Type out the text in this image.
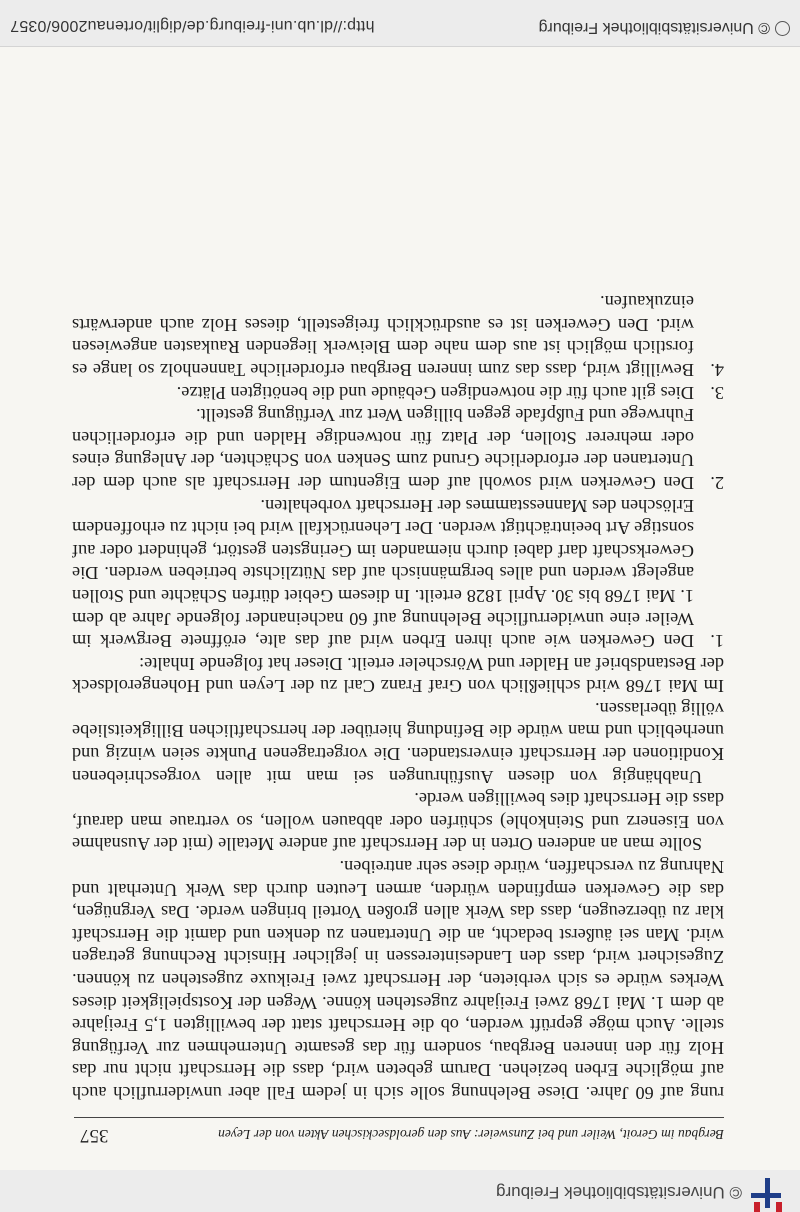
© Universitätsbibliothek Freiburg
Bergbau im Geroit, Weiler und bei Zunsweier: Aus den geroldseckischen Akten von der Leyen
357

rung auf 60 Jahre. Diese Belehnung solle sich in jedem Fall aber unwiderruflich auch auf mögliche Erben beziehen. Darum gebeten wird, dass die Herrschaft nicht nur das Holz für den inneren Bergbau, sondern für das gesamte Unternehmen zur Verfügung stelle. Auch möge geprüft werden, ob die Herrschaft statt der bewilligten 1,5 Freijahre ab dem 1. Mai 1768 zwei Freijahre zugestehen könne. Wegen der Kostspieligkeit dieses Werkes würde es sich verbieten, der Herrschaft zwei Freikuxe zugestehen zu können. Zugesichert wird, dass den Landesinteressen in jeglicher Hinsicht Rechnung getragen wird. Man sei äußerst bedacht, an die Untertanen zu denken und damit die Herrschaft klar zu überzeugen, dass das Werk allen großen Vorteil bringen werde. Das Vergnügen, das die Gewerken empfinden würden, armen Leuten durch das Werk Unterhalt und Nahrung zu verschaffen, würde diese sehr antreiben.

Sollte man an anderen Orten in der Herrschaft auf andere Metalle (mit der Ausnahme von Eisenerz und Steinkohle) schürfen oder abbauen wollen, so vertraue man darauf, dass die Herrschaft dies bewilligen werde.

Unabhängig von diesen Ausführungen sei man mit allen vorgeschriebenen Konditionen der Herrschaft einverstanden. Die vorgetragenen Punkte seien winzig und unerheblich und man würde die Befindung hierüber der herrschaftlichen Billigkeitsliebe völlig überlassen.

Im Mai 1768 wird schließlich von Graf Franz Carl zu der Leyen und Hohengeroldseck der Bestandsbrief an Halder und Wörscheler erteilt. Dieser hat folgende Inhalte:

1.
Den Gewerken wie auch ihren Erben wird auf das alte, eröffnete Bergwerk im Weiler eine unwiderrufliche Belehnung auf 60 nacheinander folgende Jahre ab dem 1. Mai 1768 bis 30. April 1828 erteilt. In diesem Gebiet dürfen Schächte und Stollen angelegt werden und alles bergmännisch auf das Nützlichste betrieben werden. Die Gewerkschaft darf dabei durch niemanden im Geringsten gestört, gehindert oder auf sonstige Art beeinträchtigt werden. Der Lehenrückfall wird bei nicht zu erhoffendem Erlöschen des Mannesstammes der Herrschaft vorbehalten.
2.
Den Gewerken wird sowohl auf dem Eigentum der Herrschaft als auch dem der Untertanen der erforderliche Grund zum Senken von Schächten, der Anlegung eines oder mehrerer Stollen, der Platz für notwendige Halden und die erforderlichen Fuhrwege und Fußpfade gegen billigen Wert zur Verfügung gestellt.
3.
Dies gilt auch für die notwendigen Gebäude und die benötigten Plätze.
4.
Bewilligt wird, dass das zum inneren Bergbau erforderliche Tannenholz so lange es forstlich möglich ist aus dem nahe dem Bleiwerk liegenden Raukasten angewiesen wird. Den Gewerken ist es ausdrücklich freigestellt, dieses Holz auch anderwärts einzukaufen.
© Universitätsbibliothek Freiburg
http://dl.ub.uni-freiburg.de/diglit/ortenau2006/0357
